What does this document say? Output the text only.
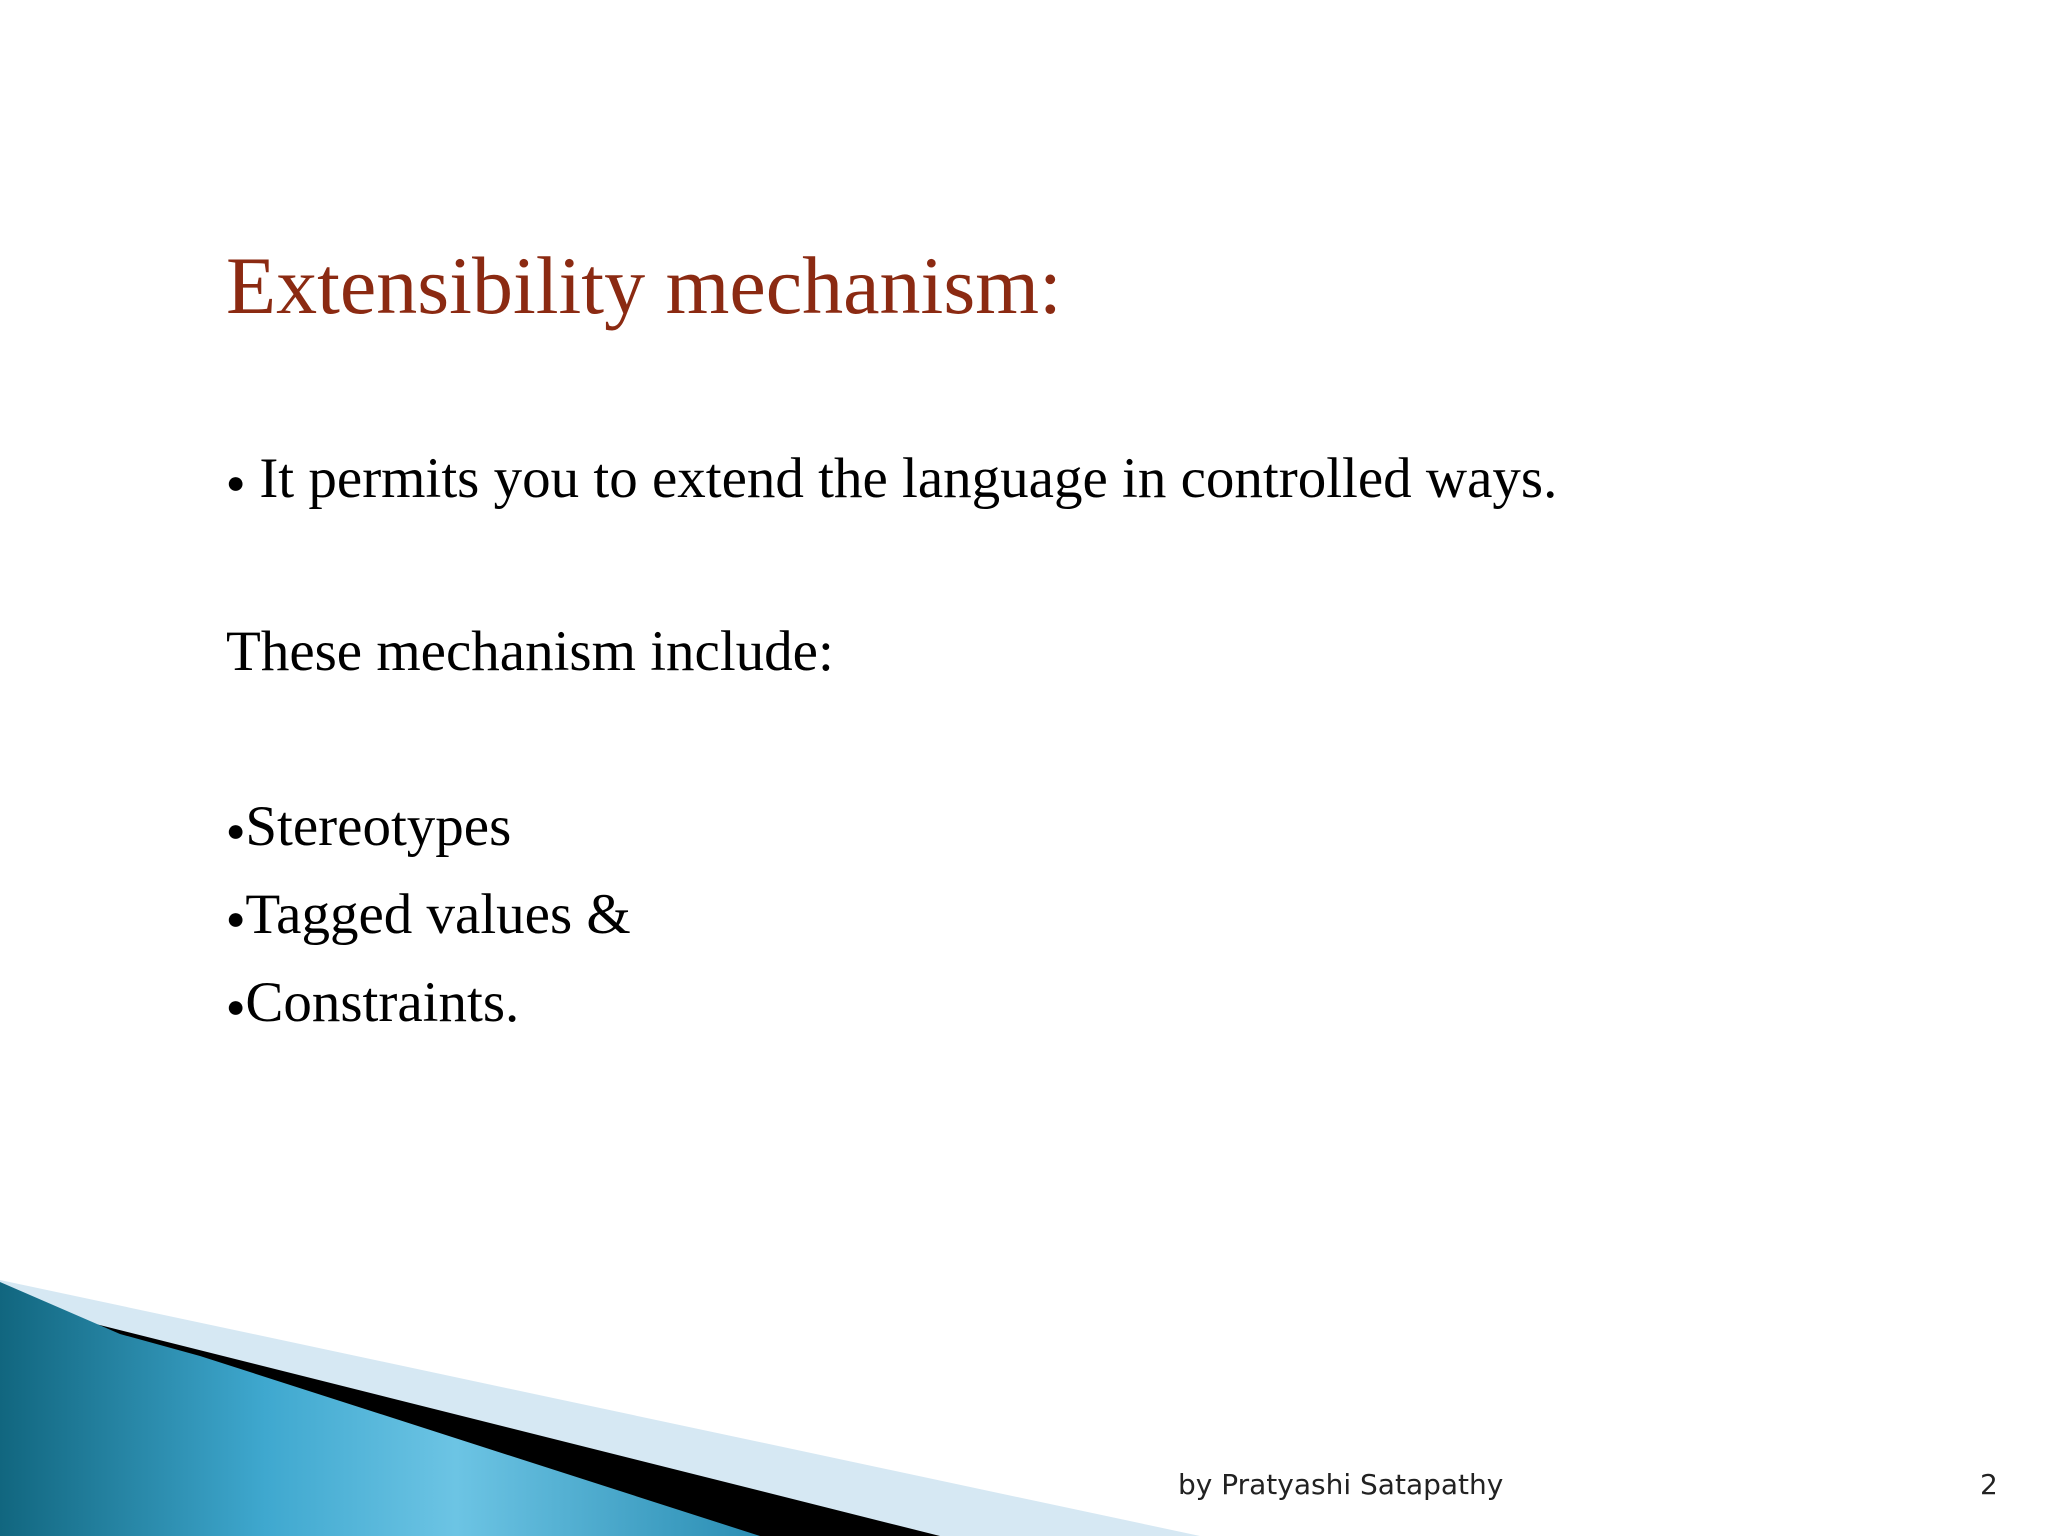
Extensibility mechanism:
● It permits you to extend the language in controlled ways.
These mechanism include:
●Stereotypes
●Tagged values &
●Constraints.
by Pratyashi Satapathy	2
